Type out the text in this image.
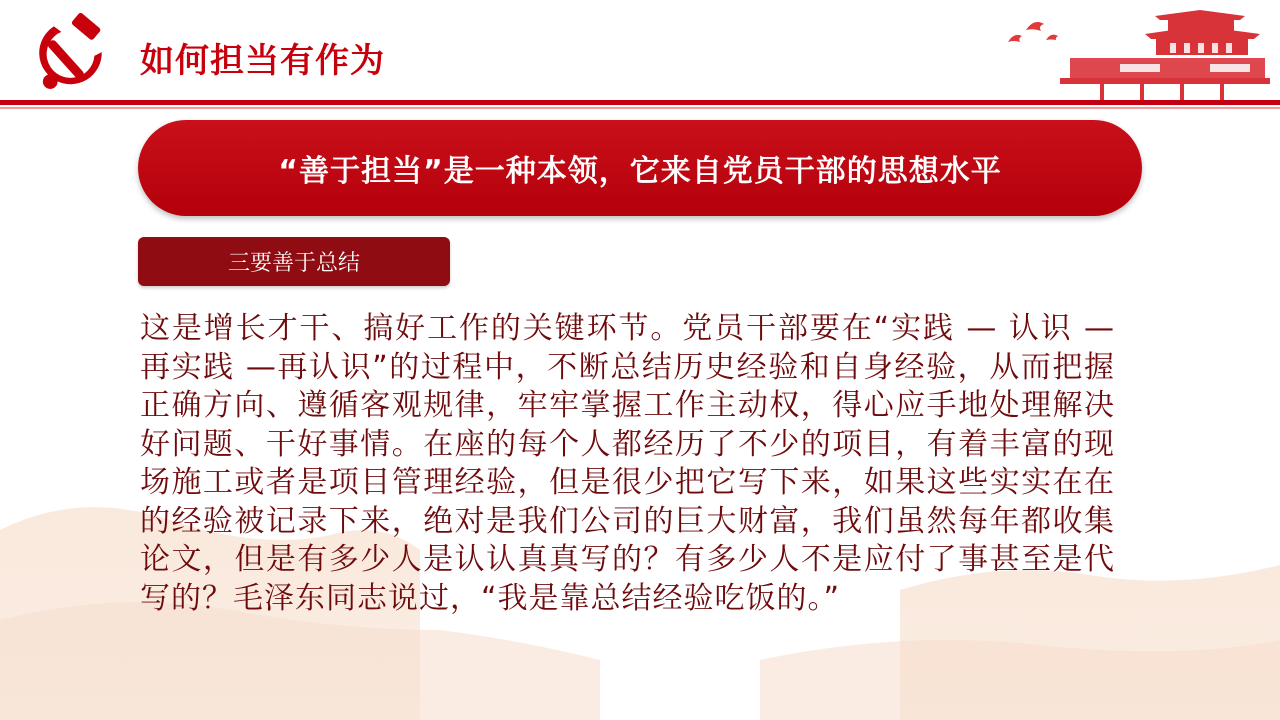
如何担当有作为
“善于担当”是一种本领，它来自党员干部的思想水平
三要善于总结
这是增长才干、搞好工作的关键环节。党员干部要在“实践 — 认识 — 再实践 —再认识”的过程中，不断总结历史经验和自身经验，从而把握正确方向、遵循客观规律，牢牢掌握工作主动权，得心应手地处理解决好问题、干好事情。在座的每个人都经历了不少的项目，有着丰富的现场施工或者是项目管理经验，但是很少把它写下来，如果这些实实在在的经验被记录下来，绝对是我们公司的巨大财富，我们虽然每年都收集论文，但是有多少人是认认真真写的？有多少人不是应付了事甚至是代写的？毛泽东同志说过，“我是靠总结经验吃饭的。”
